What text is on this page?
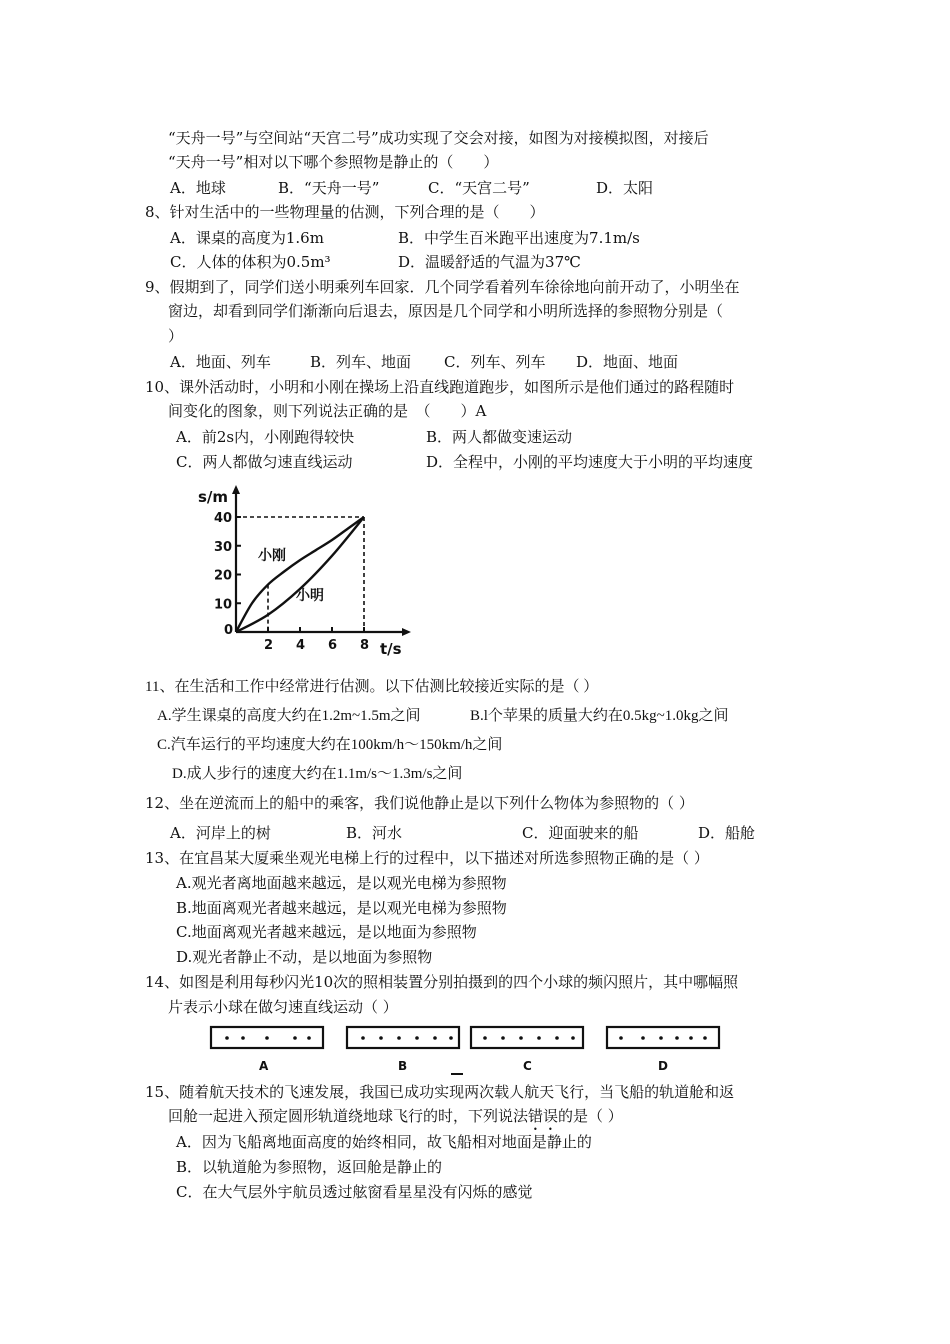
“天舟一号”与空间站“天宫二号”成功实现了交会对接，如图为对接模拟图，对接后
“天舟一号”相对以下哪个参照物是静止的（　　）
A．地球	B．“天舟一号”	C．“天宫二号”	D．太阳
8、针对生活中的一些物理量的估测，下列合理的是（　　）
A．课桌的高度为1.6m	B．中学生百米跑平出速度为7.1m/s
C．人体的体积为0.5m³	D．温暖舒适的气温为37℃
9、假期到了，同学们送小明乘列车回家．几个同学看着列车徐徐地向前开动了，小明坐在
窗边，却看到同学们渐渐向后退去，原因是几个同学和小明所选择的参照物分别是（
）
A．地面、列车	B．列车、地面 C．列车、列车 D．地面、地面
10、课外活动时，小明和小刚在操场上沿直线跑道跑步，如图所示是他们通过的路程随时
间变化的图象，则下列说法正确的是　（　　）A
A．前2s内，小刚跑得较快	B．两人都做变速运动
C．两人都做匀速直线运动	D．全程中，小刚的平均速度大于小明的平均速度
s/m
t/s
0
2 4 6 8
10
20
30
40
小刚
小明
11、在生活和工作中经常进行估测。以下估测比较接近实际的是（ ）
A.学生课桌的高度大约在1.2m~1.5m之间	B.l个苹果的质量大约在0.5kg~1.0kg之间
C.汽车运行的平均速度大约在100km/h～150km/h之间
D.成人步行的速度大约在1.1m/s～1.3m/s之间
12、坐在逆流而上的船中的乘客，我们说他静止是以下列什么物体为参照物的（ ）
A．河岸上的树	B．河水	C．迎面驶来的船	D．船舱
13、在宜昌某大厦乘坐观光电梯上行的过程中，以下描述对所选参照物正确的是（ ）
A.观光者离地面越来越远，是以观光电梯为参照物
B.地面离观光者越来越远，是以观光电梯为参照物
C.地面离观光者越来越远，是以地面为参照物
D.观光者静止不动，是以地面为参照物
14、如图是利用每秒闪光10次的照相装置分别拍摄到的四个小球的频闪照片，其中哪幅照
片表示小球在做匀速直线运动（ ）
A	B	C	D
15、随着航天技术的飞速发展，我国已成功实现两次载人航天飞行，当飞船的轨道舱和返
回舱一起进入预定圆形轨道绕地球飞行的时，下列说法错误的是（ ）
A．因为飞船离地面高度的始终相同，故飞船相对地面是静止的
B．以轨道舱为参照物，返回舱是静止的
C．在大气层外宇航员透过舷窗看星星没有闪烁的感觉
